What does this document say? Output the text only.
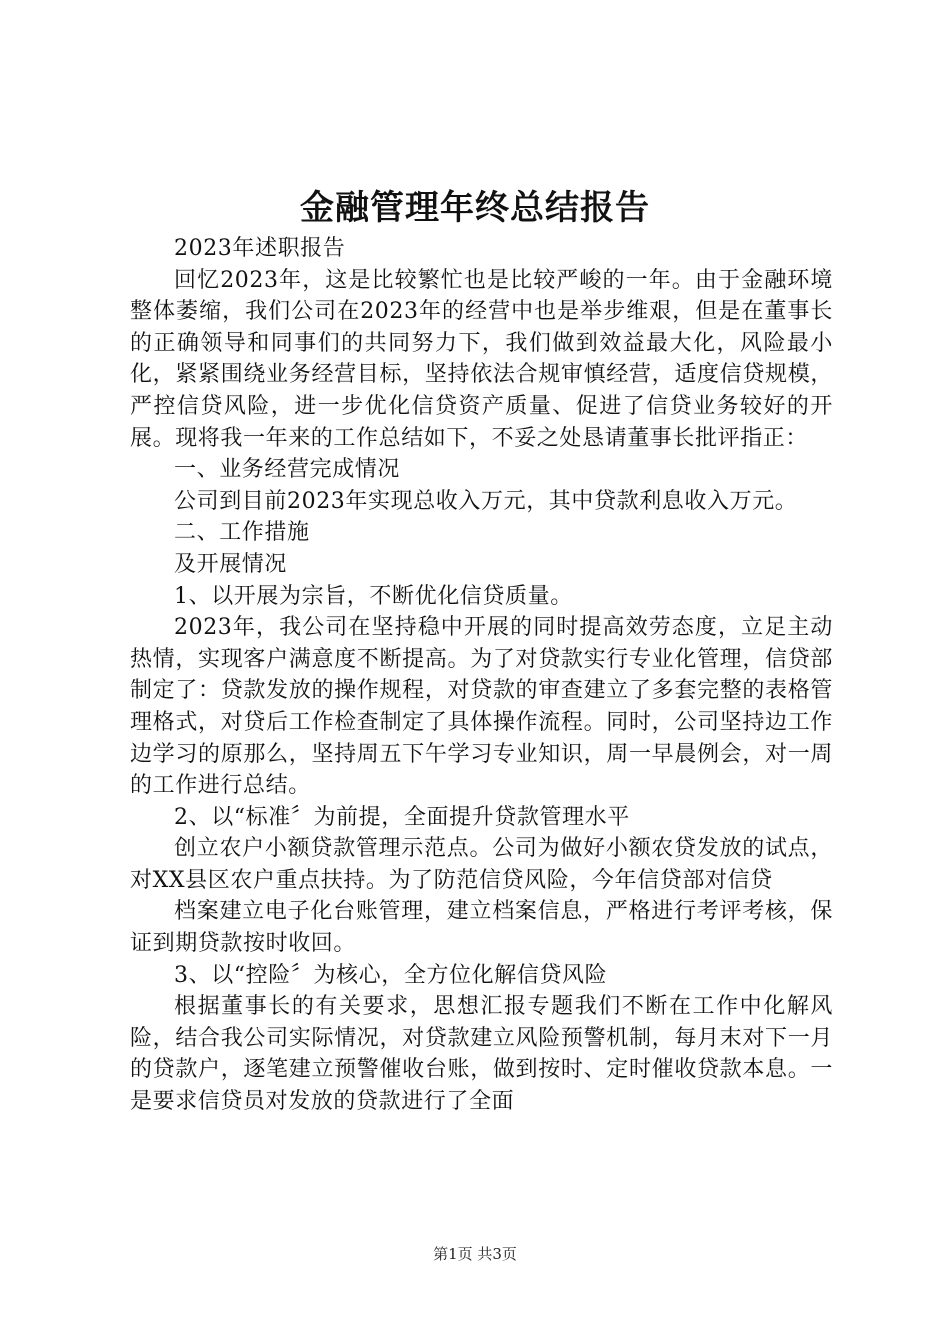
金融管理年终总结报告

2023年述职报告

回忆2023年，这是比较繁忙也是比较严峻的一年。由于金融环境整体萎缩，我们公司在2023年的经营中也是举步维艰，但是在董事长的正确领导和同事们的共同努力下，我们做到效益最大化，风险最小化，紧紧围绕业务经营目标，坚持依法合规审慎经营，适度信贷规模，严控信贷风险，进一步优化信贷资产质量、促进了信贷业务较好的开展。现将我一年来的工作总结如下，不妥之处恳请董事长批评指正：

一、业务经营完成情况

公司到目前2023年实现总收入万元，其中贷款利息收入万元。

二、工作措施

及开展情况

1、以开展为宗旨，不断优化信贷质量。

2023年，我公司在坚持稳中开展的同时提高效劳态度，立足主动热情，实现客户满意度不断提高。为了对贷款实行专业化管理，信贷部制定了：贷款发放的操作规程，对贷款的审查建立了多套完整的表格管理格式，对贷后工作检查制定了具体操作流程。同时，公司坚持边工作边学习的原那么，坚持周五下午学习专业知识，周一早晨例会，对一周的工作进行总结。

2、以“标准〞为前提，全面提升贷款管理水平

创立农户小额贷款管理示范点。公司为做好小额农贷发放的试点，对XX县区农户重点扶持。为了防范信贷风险，今年信贷部对信贷

档案建立电子化台账管理，建立档案信息，严格进行考评考核，保证到期贷款按时收回。

3、以“控险〞为核心，全方位化解信贷风险

根据董事长的有关要求，思想汇报专题我们不断在工作中化解风险，结合我公司实际情况，对贷款建立风险预警机制，每月末对下一月的贷款户，逐笔建立预警催收台账，做到按时、定时催收贷款本息。一是要求信贷员对发放的贷款进行了全面

第1页 共3页
